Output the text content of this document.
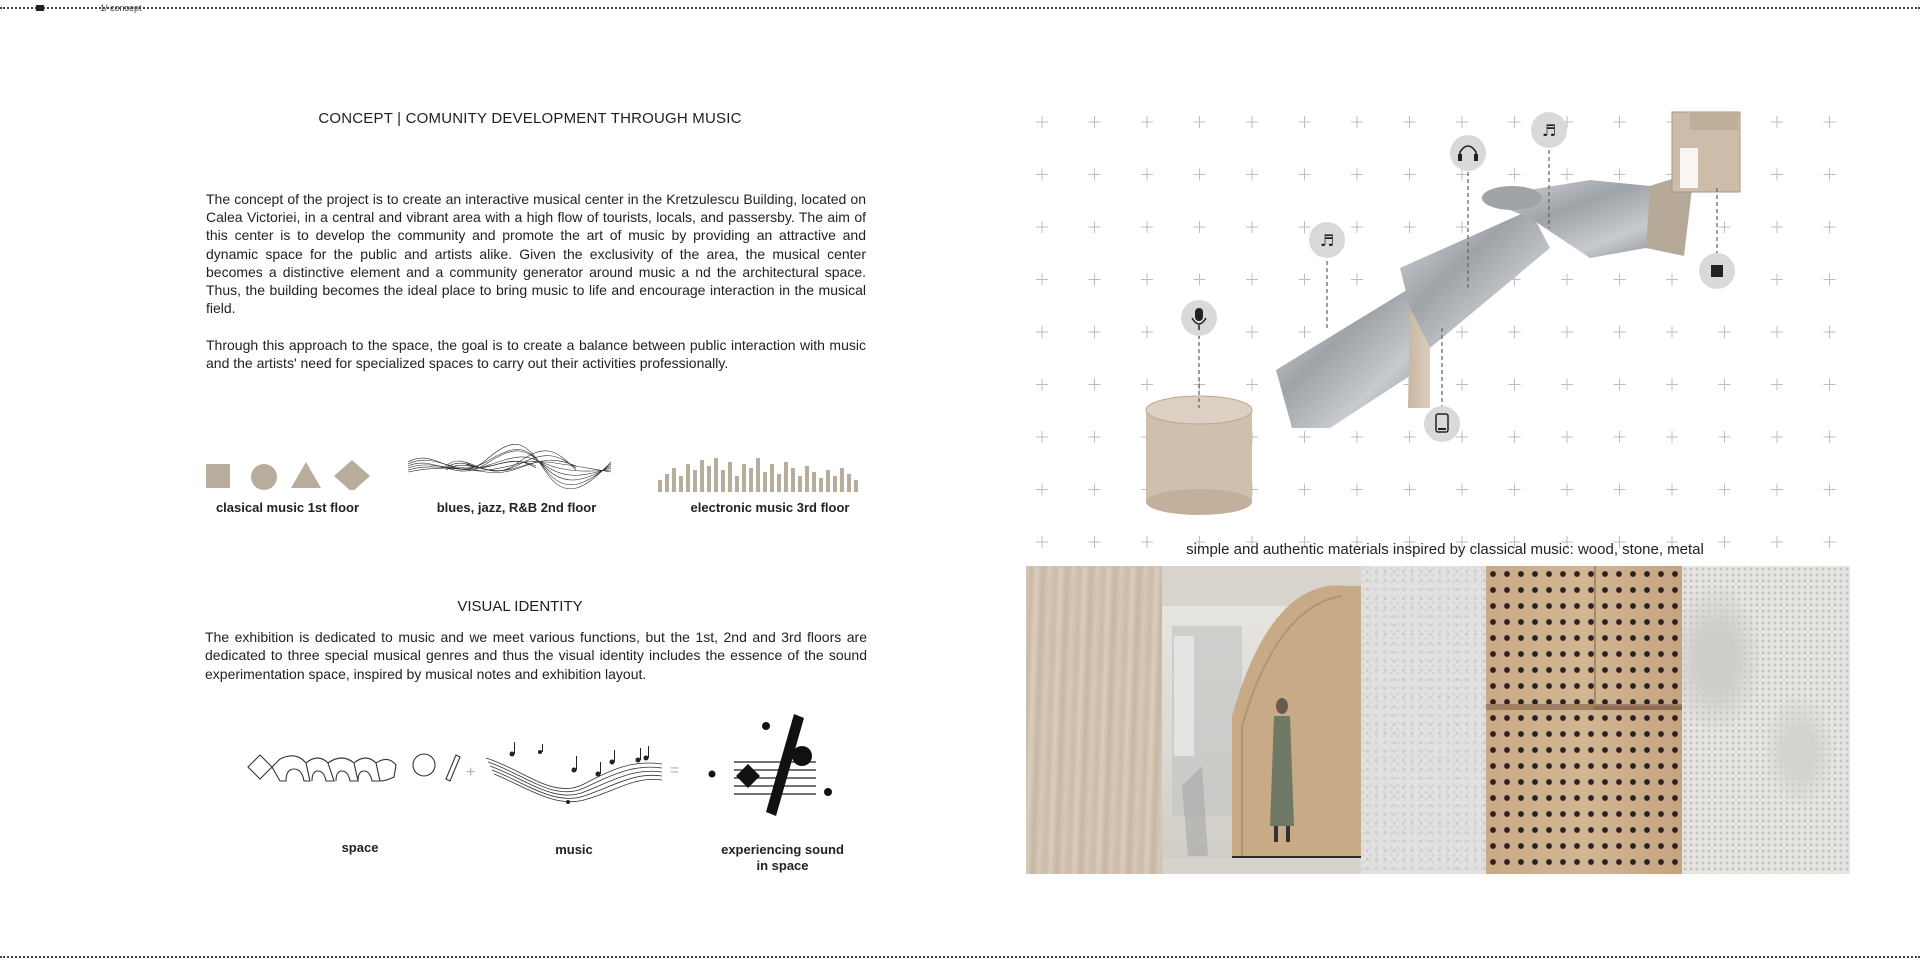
1/ concept
CONCEPT | COMUNITY DEVELOPMENT THROUGH MUSIC

The concept of the project is to create an interactive musical center in the Kretzulescu Building, located on Calea Victoriei, in a central and vibrant area with a high flow of tourists, locals, and passersby. The aim of this center is to develop the community and promote the art of music by providing an attractive and dynamic space for the public and artists alike. Given the exclusivity of the area, the musical center becomes a distinctive element and a community generator around music a nd the architectural space. Thus, the building becomes the ideal place to bring music to life and encourage interaction in the musical field.

Through this approach to the space, the goal is to create a balance between public interaction with music and the artists' need for specialized spaces to carry out their activities professionally.

clasical music 1st floor	blues, jazz, R&B 2nd floor	electronic music 3rd floor
VISUAL IDENTITY

The exhibition is dedicated to music and we meet various functions, but the 1st, 2nd and 3rd floors are dedicated to three special musical genres and thus the visual identity includes the essence of the sound experimentation space, inspired by musical notes and exhibition layout.

+	=
space	music	experiencing sound
in space
♬
♬
simple and authentic materials inspired by classical music: wood, stone, metal
